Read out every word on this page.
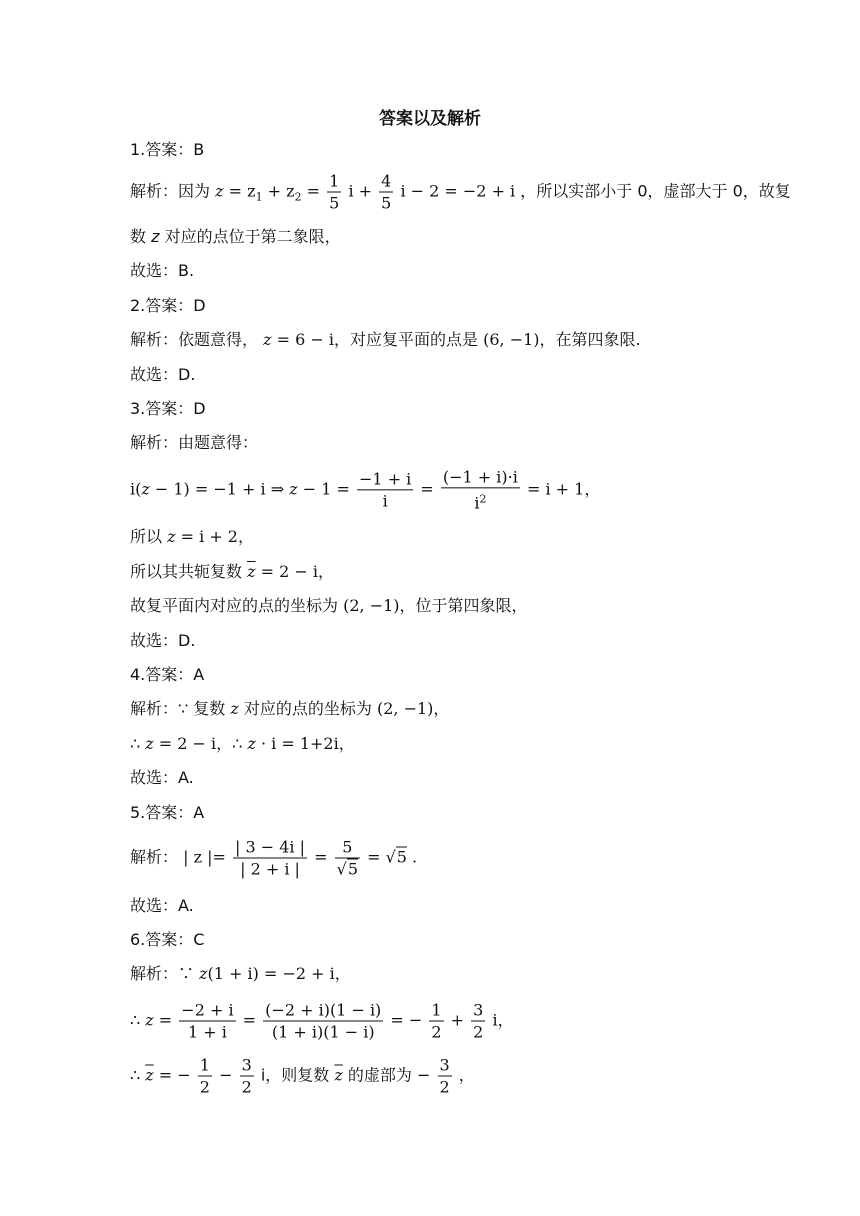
答案以及解析
1.答案：B
解析：因为 $z = z_1 + z_2 = \frac{1}{5}$ $i + \frac{4}{5}$ i − 2 = −2 + i ，所以实部小于 0，虚部大于 0，故复
数 z 对应的点位于第二象限，
故选：B.
2.答案：D
解析：依题意得， z = 6 − i，对应复平面的点是 (6, −1)，在第四象限.
故选：D.
3.答案：D
解析：由题意得：
i(z − 1) = −1 + i ⇒ $z - 1 = \frac{-1 + i}{i} = \frac{(-1 + i)\cdot i}{i^2} = i + 1$，
所以 z = i + 2，
所以其共轭复数 $\overline{z} = 2 - i$，
故复平面内对应的点的坐标为 (2, −1)，位于第四象限，
故选：D.
4.答案：A
解析：∵ 复数 z 对应的点的坐标为 (2, −1)，
∴ z = 2 − i，∴ z · i = 1+2i，
故选：A.
5.答案：A
解析： | z |= $\frac{| 3 - 4i |}{| 2 + i |} = \frac{5}{√5} = √5$ .
故选：A.
6.答案：C
解析：∵ z(1 + i) = −2 + i，
∴ $z = \frac{-2 + i}{1 + i} = \frac{(-2 + i)(1 - i)}{(1 + i)(1 - i)}$ = − $\frac{1}{2} + \frac{3}{2}$ i，
∴ $\overline{z}$ = − $\frac{1}{2} - \frac{3}{2}$ i，则复数 $\overline{z}$ 的虚部为 − $\frac{3}{2}$ ，
